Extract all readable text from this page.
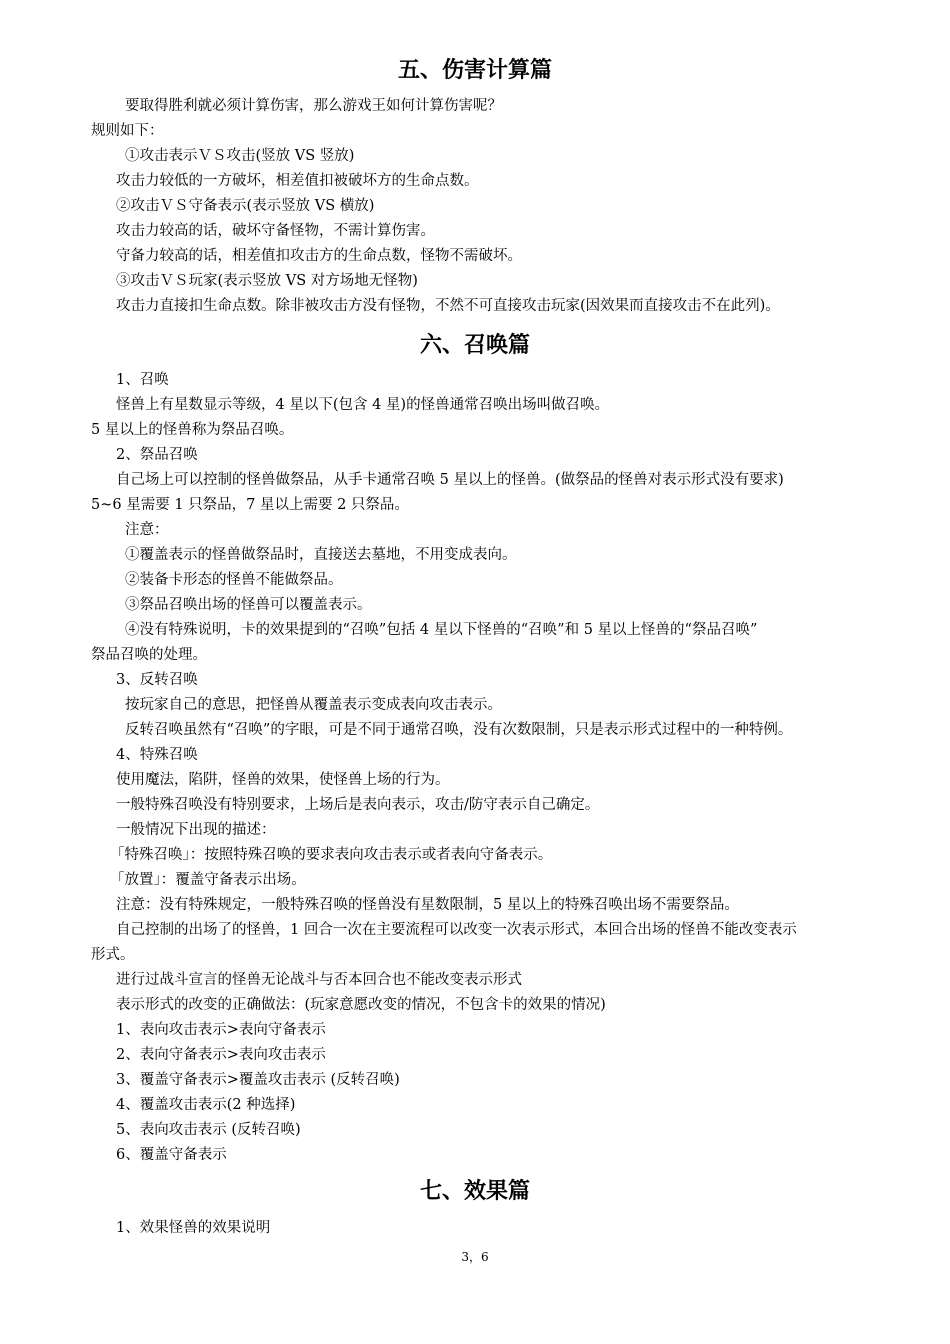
五、伤害计算篇
要取得胜利就必须计算伤害，那么游戏王如何计算伤害呢？
规则如下：
①攻击表示ＶＳ攻击(竖放 VS 竖放)
攻击力较低的一方破坏，相差值扣被破坏方的生命点数。
②攻击ＶＳ守备表示(表示竖放 VS 横放)
攻击力较高的话，破坏守备怪物，不需计算伤害。
守备力较高的话，相差值扣攻击方的生命点数，怪物不需破坏。
③攻击ＶＳ玩家(表示竖放 VS 对方场地无怪物)
攻击力直接扣生命点数。除非被攻击方没有怪物，不然不可直接攻击玩家(因效果而直接攻击不在此列)。
六、召唤篇
1、召唤
怪兽上有星数显示等级，4 星以下(包含 4 星)的怪兽通常召唤出场叫做召唤。
5 星以上的怪兽称为祭品召唤。
2、祭品召唤
自己场上可以控制的怪兽做祭品，从手卡通常召唤 5 星以上的怪兽。(做祭品的怪兽对表示形式没有要求)
5~6 星需要 1 只祭品，7 星以上需要 2 只祭品。
注意：
①覆盖表示的怪兽做祭品时，直接送去墓地，不用变成表向。
②装备卡形态的怪兽不能做祭品。
③祭品召唤出场的怪兽可以覆盖表示。
④没有特殊说明，卡的效果提到的“召唤”包括 4 星以下怪兽的“召唤”和 5 星以上怪兽的“祭品召唤”
祭品召唤的处理。
3、反转召唤
按玩家自己的意思，把怪兽从覆盖表示变成表向攻击表示。
反转召唤虽然有“召唤”的字眼，可是不同于通常召唤，没有次数限制，只是表示形式过程中的一种特例。
4、特殊召唤
使用魔法，陷阱，怪兽的效果，使怪兽上场的行为。
一般特殊召唤没有特别要求，上场后是表向表示，攻击/防守表示自己确定。
一般情况下出现的描述：
「特殊召唤」：按照特殊召唤的要求表向攻击表示或者表向守备表示。
「放置」：覆盖守备表示出场。
注意：没有特殊规定，一般特殊召唤的怪兽没有星数限制，5 星以上的特殊召唤出场不需要祭品。
自己控制的出场了的怪兽，1 回合一次在主要流程可以改变一次表示形式，本回合出场的怪兽不能改变表示
形式。
进行过战斗宣言的怪兽无论战斗与否本回合也不能改变表示形式
表示形式的改变的正确做法：(玩家意愿改变的情况，不包含卡的效果的情况)
1、表向攻击表示>表向守备表示
2、表向守备表示>表向攻击表示
3、覆盖守备表示>覆盖攻击表示 (反转召唤)
4、覆盖攻击表示(2 种选择)
5、表向攻击表示 (反转召唤)
6、覆盖守备表示
七、效果篇
1、效果怪兽的效果说明
3，6
